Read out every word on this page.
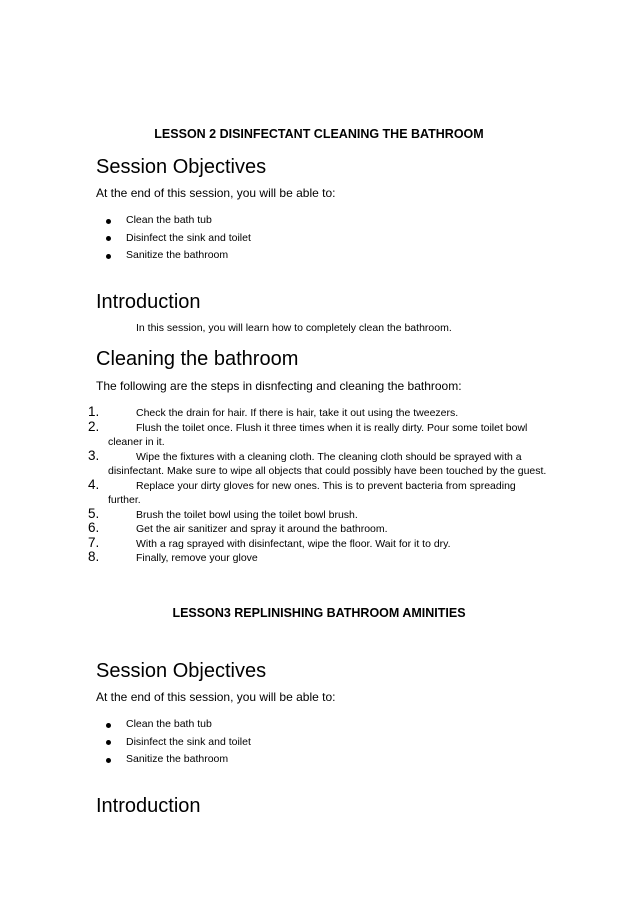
LESSON 2 DISINFECTANT CLEANING THE BATHROOM
Session Objectives

At the end of this session, you will be able to:

Clean the bath tub
Disinfect the sink and toilet
Sanitize the bathroom
Introduction

In this session, you will learn how to completely clean the bathroom.

Cleaning the bathroom

The following are the steps in disnfecting and cleaning the bathroom:

1.	Check the drain for hair. If there is hair, take it out using the tweezers.
2.	Flush the toilet once. Flush it three times when it is really dirty. Pour some toilet bowl cleaner in it.
3.	Wipe the fixtures with a cleaning cloth. The cleaning cloth should be sprayed with a disinfectant. Make sure to wipe all objects that could possibly have been touched by the guest.
4.	Replace your dirty gloves for new ones. This is to prevent bacteria from spreading further.
5.	Brush the toilet bowl using the toilet bowl brush.
6.	Get the air sanitizer and spray it around the bathroom.
7.	With a rag sprayed with disinfectant, wipe the floor. Wait for it to dry.
8.	Finally, remove your glove
LESSON3 REPLINISHING BATHROOM AMINITIES
Session Objectives

At the end of this session, you will be able to:

Clean the bath tub
Disinfect the sink and toilet
Sanitize the bathroom
Introduction
